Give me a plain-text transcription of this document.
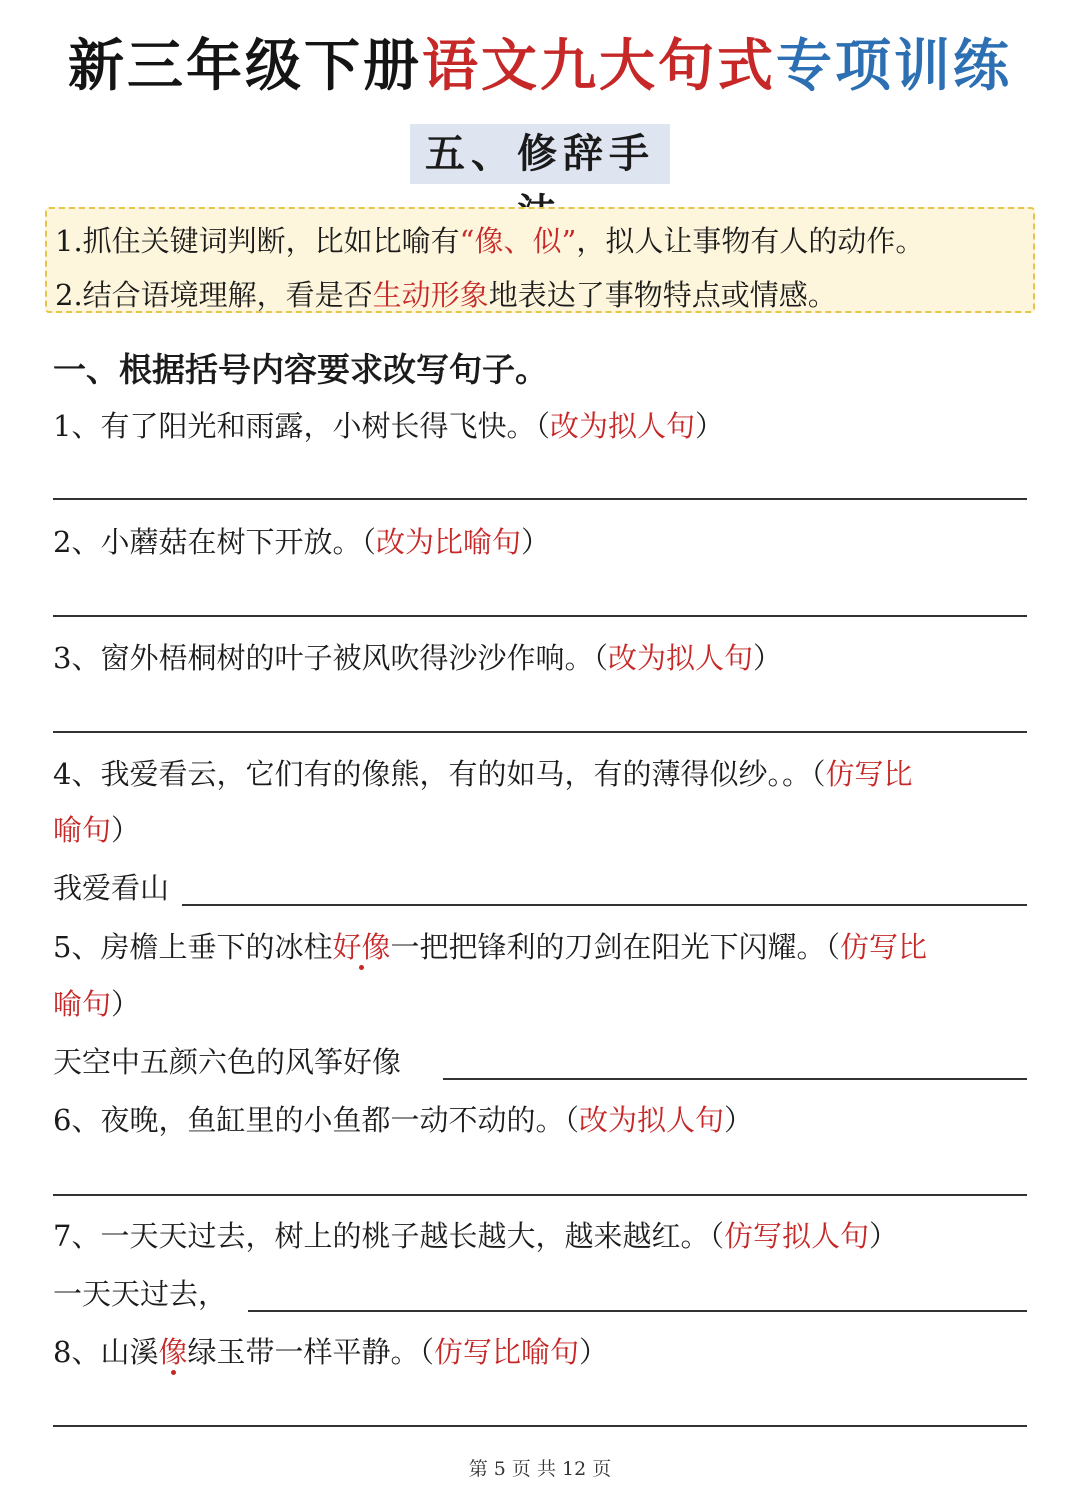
新三年级下册语文九大句式专项训练
五、修辞手
1.抓住关键词判断，比如比喻有“像、似”，拟人让事物有人的动作。
2.结合语境理解，看是否生动形象地表达了事物特点或情感。
一、根据括号内容要求改写句子。
1、有了阳光和雨露，小树长得飞快。（改为拟人句）
2、小蘑菇在树下开放。（改为比喻句）
3、窗外梧桐树的叶子被风吹得沙沙作响。（改为拟人句）
4、我爱看云，它们有的像熊，有的如马，有的薄得似纱。。（仿写比
喻句）
我爱看山
5、房檐上垂下的冰柱好像一把把锋利的刀剑在阳光下闪耀。（仿写比
喻句）
天空中五颜六色的风筝好像
6、夜晚，鱼缸里的小鱼都一动不动的。（改为拟人句）
7、一天天过去，树上的桃子越长越大，越来越红。（仿写拟人句）
一天天过去，
8、山溪像绿玉带一样平静。（仿写比喻句）
第 5 页 共 12 页
